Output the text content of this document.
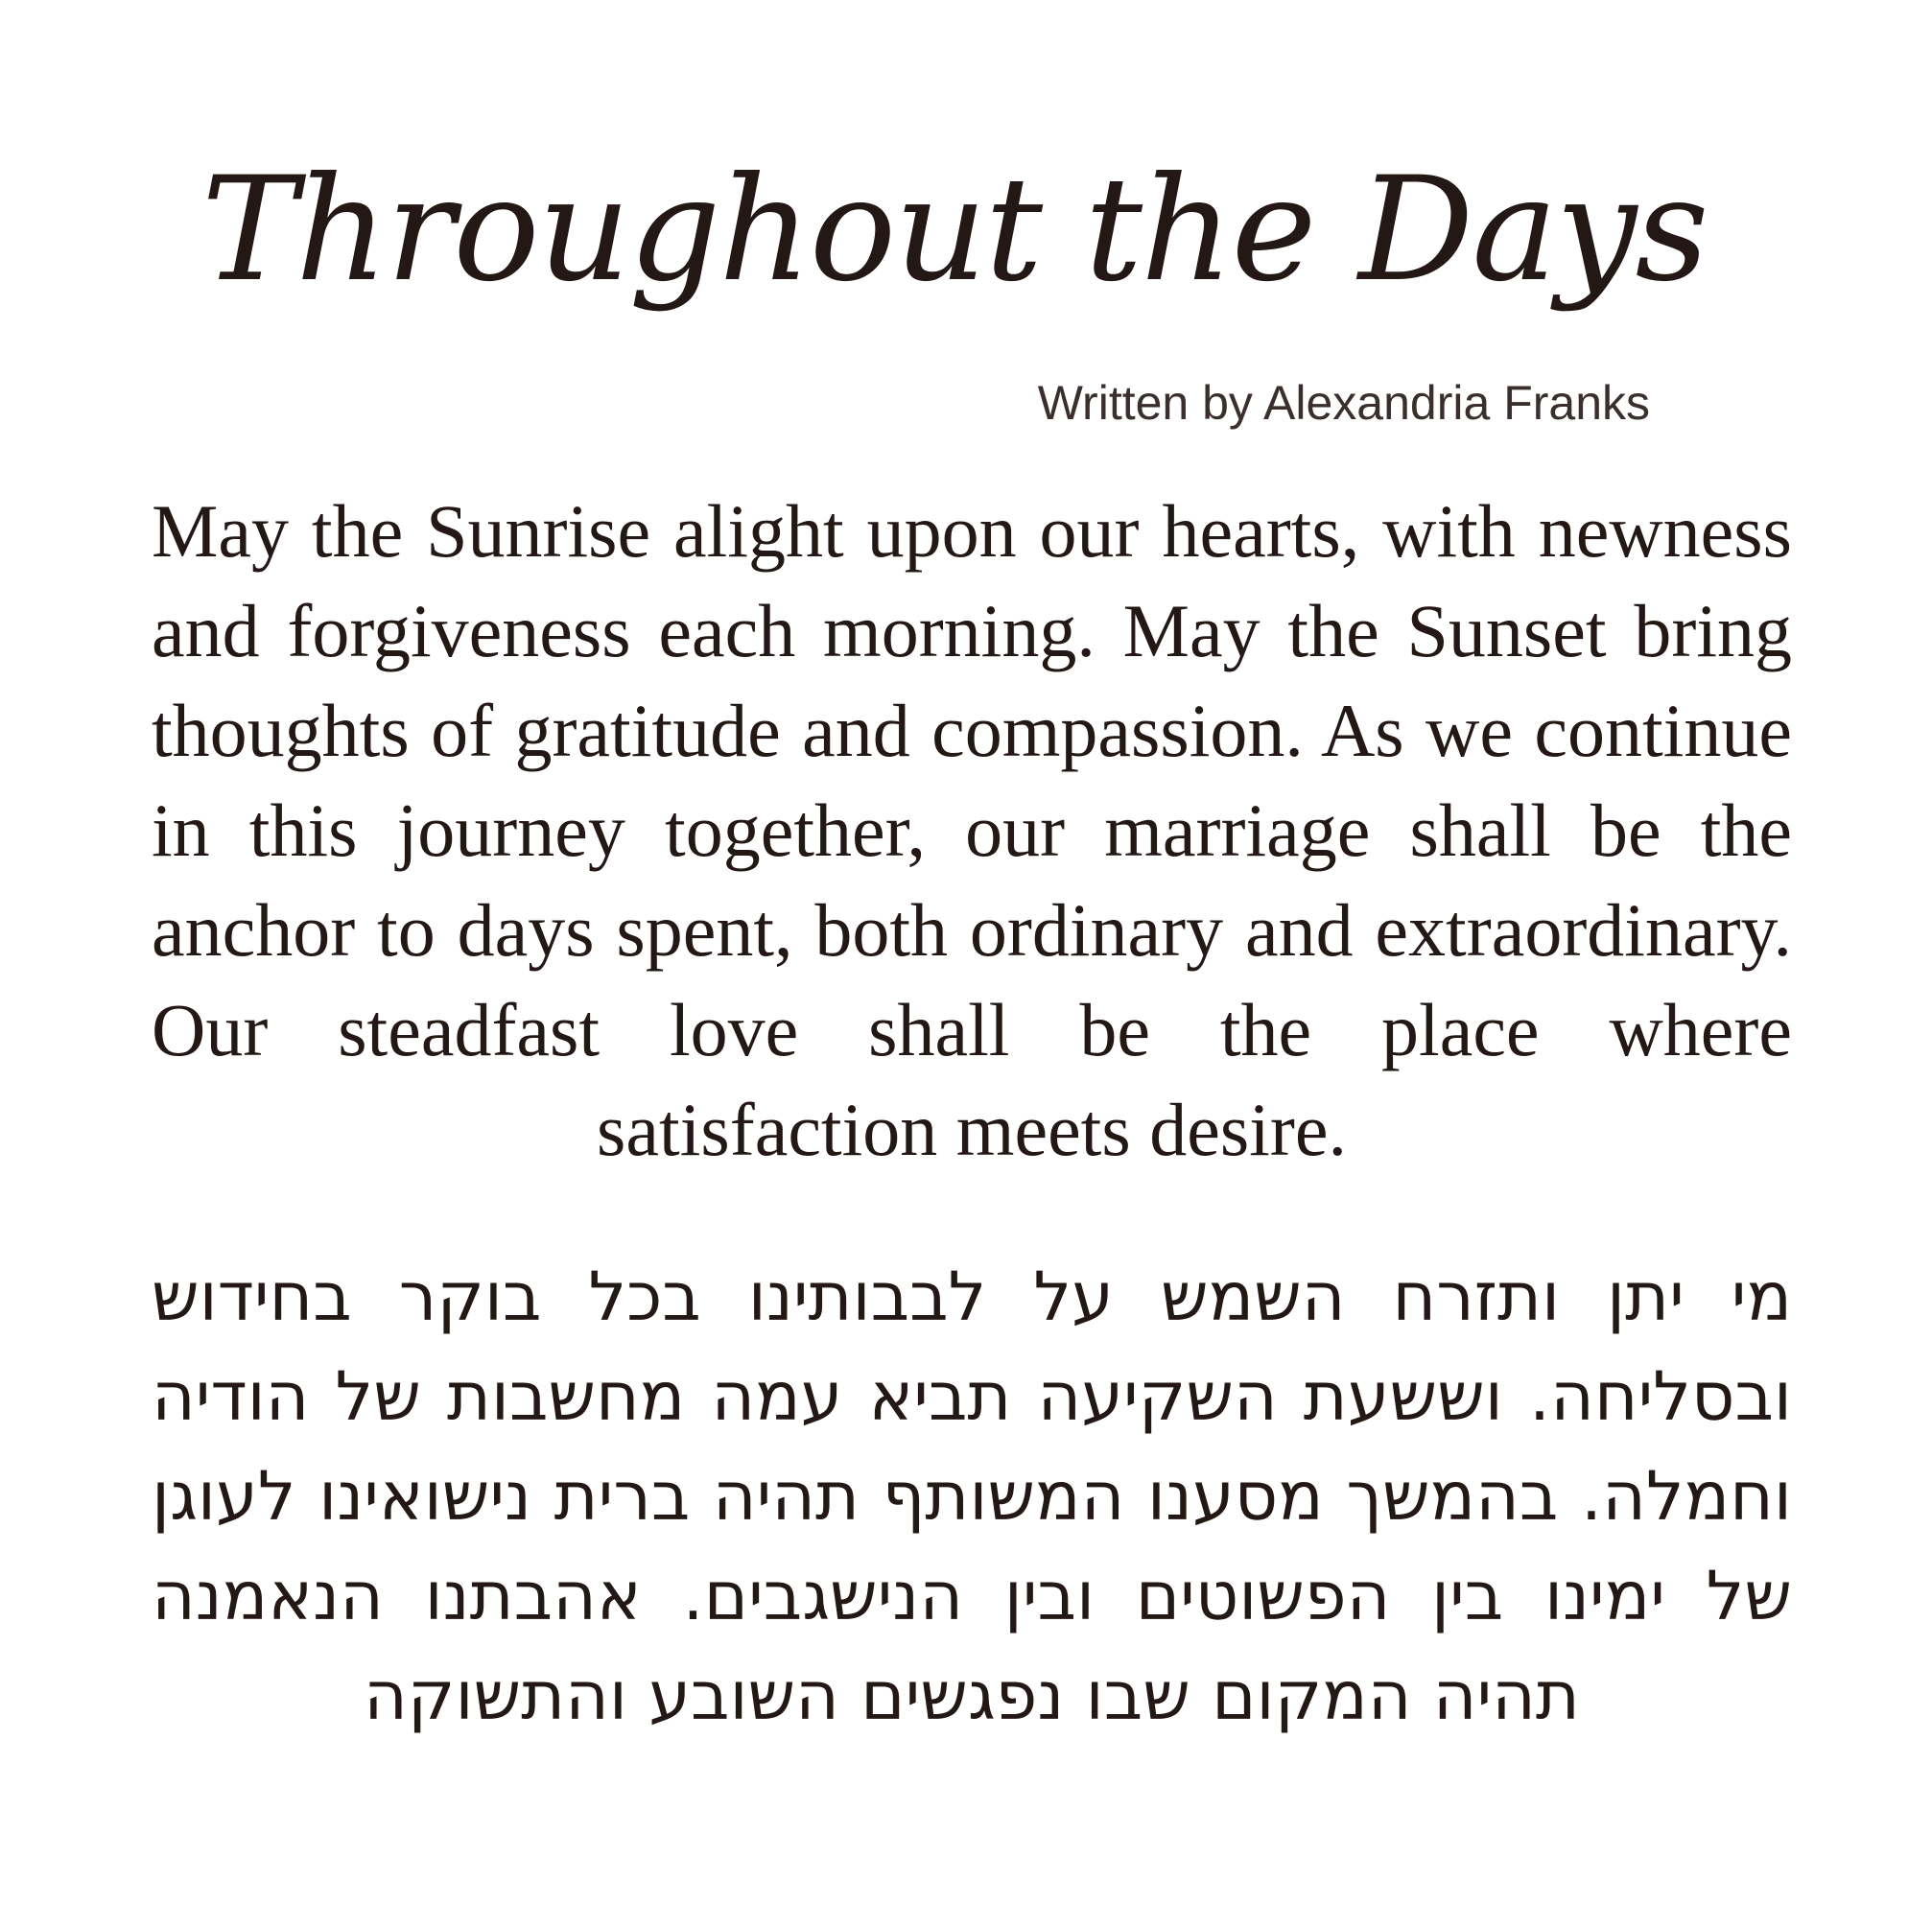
Throughout the Days
Written by Alexandria Franks
May the Sunrise alight upon our hearts, with newness and forgiveness each morning. May the Sunset bring thoughts of gratitude and compassion. As we continue in this journey together, our marriage shall be the anchor to days spent, both ordinary and extraordinary. Our steadfast love shall be the place where satisfaction meets desire.
מי יתן ותזרח השמש על לבבותינו בכל בוקר בחידוש ובסליחה. וששעת השקיעה תביא עמה מחשבות של הודיה וחמלה. בהמשך מסענו המשותף תהיה ברית נישואינו לעוגן של ימינו בין הפשוטים ובין הנישגבים. אהבתנו הנאמנה תהיה המקום שבו נפגשים השובע והתשוקה
